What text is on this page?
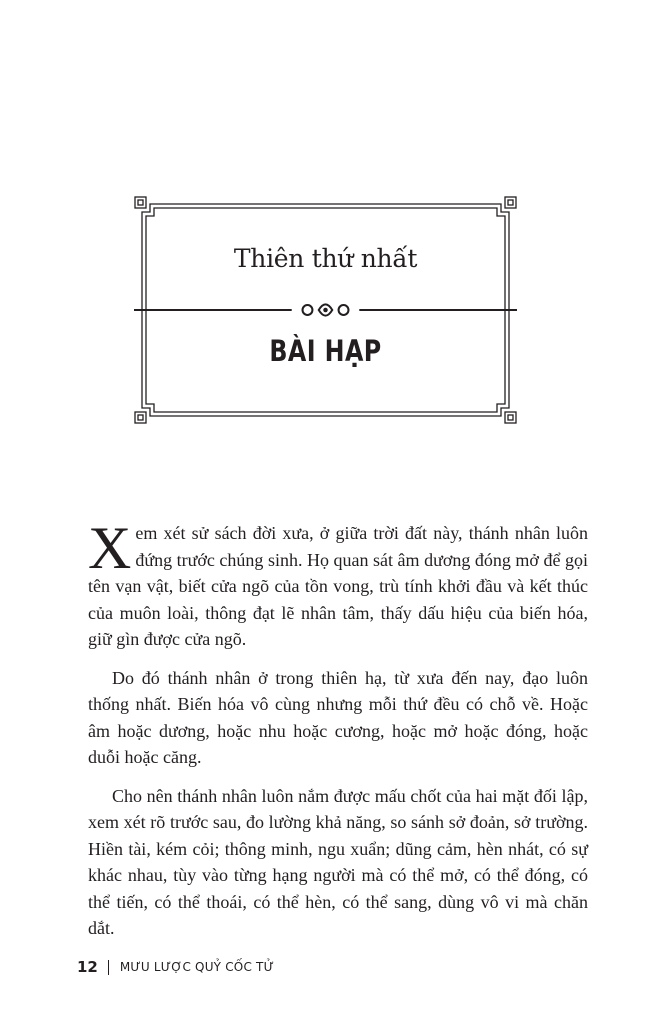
Thiên thứ nhất
BÀI HẠP

Xem xét sử sách đời xưa, ở giữa trời đất này, thánh nhân luôn đứng trước chúng sinh. Họ quan sát âm dương đóng mở để gọi tên vạn vật, biết cửa ngõ của tồn vong, trù tính khởi đầu và kết thúc của muôn loài, thông đạt lẽ nhân tâm, thấy dấu hiệu của biến hóa, giữ gìn được cửa ngõ.

Do đó thánh nhân ở trong thiên hạ, từ xưa đến nay, đạo luôn thống nhất. Biến hóa vô cùng nhưng mỗi thứ đều có chỗ về. Hoặc âm hoặc dương, hoặc nhu hoặc cương, hoặc mở hoặc đóng, hoặc duỗi hoặc căng.

Cho nên thánh nhân luôn nắm được mấu chốt của hai mặt đối lập, xem xét rõ trước sau, đo lường khả năng, so sánh sở đoản, sở trường. Hiền tài, kém cỏi; thông minh, ngu xuẩn; dũng cảm, hèn nhát, có sự khác nhau, tùy vào từng hạng người mà có thể mở, có thể đóng, có thể tiến, có thể thoái, có thể hèn, có thể sang, dùng vô vi mà chăn dắt.

12 MƯU LƯỢC QUỶ CỐC TỬ
